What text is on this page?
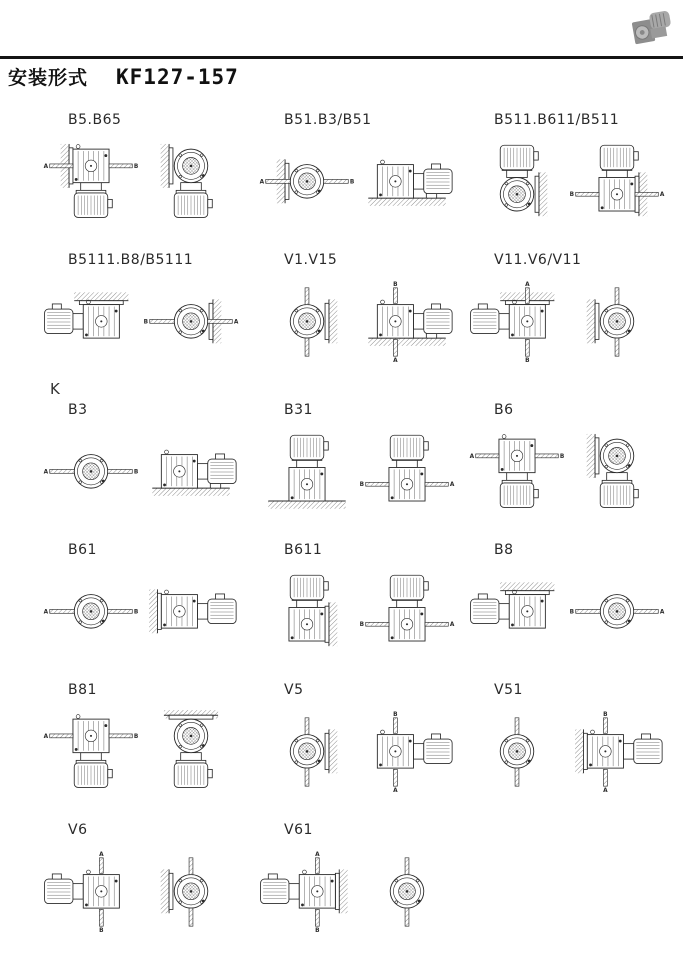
安装形式 KF127-157
B5.B65
A	B
B51.B3/B51
A	B
B511.B611/B511
B	A
B5111.B8/B5111
B	A
V1.V15
B
A
V11.V6/V11
A
B
K
B3
A	B
B31
B	A
B6
A	B
B61
A	B
B611
B	A
B8
B	A
B81
A	B
V5
B
A
V51
B
A
V6
A
B
V61
A
B
